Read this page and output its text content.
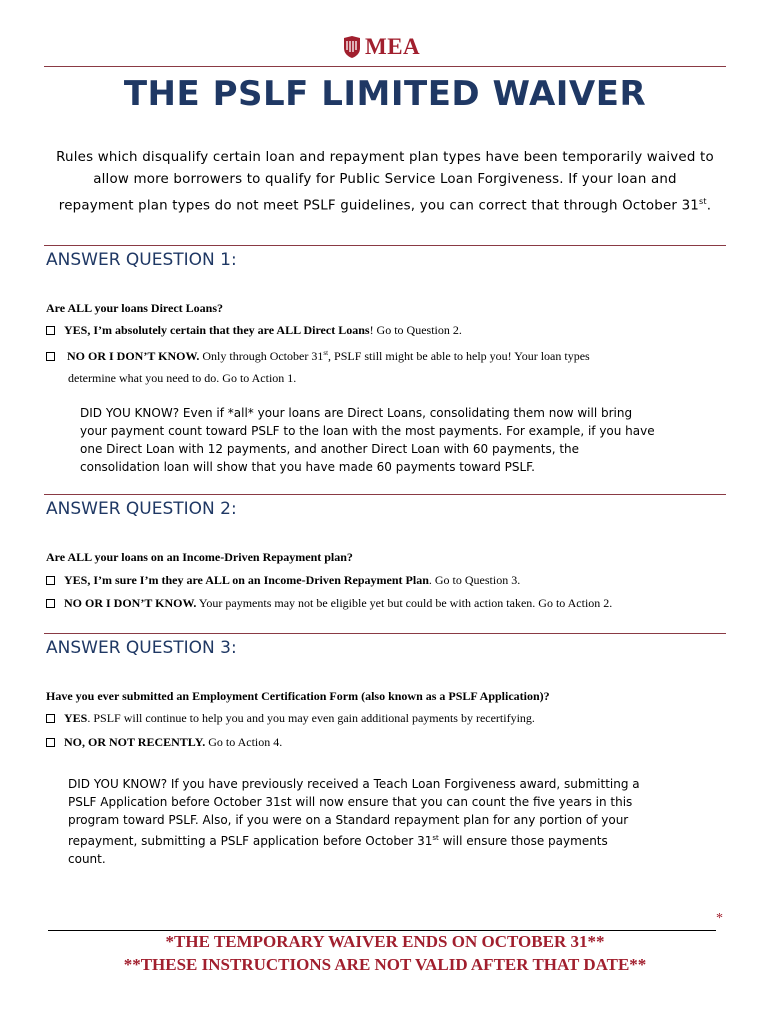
MEA
THE PSLF LIMITED WAIVER
Rules which disqualify certain loan and repayment plan types have been temporarily waived to
allow more borrowers to qualify for Public Service Loan Forgiveness. If your loan and
repayment plan types do not meet PSLF guidelines, you can correct that through October 31st.
ANSWER QUESTION 1:
Are ALL your loans Direct Loans?
YES, I’m absolutely certain that they are ALL Direct Loans! Go to Question 2.
NO OR I DON’T KNOW. Only through October 31st, PSLF still might be able to help you! Your loan types
determine what you need to do. Go to Action 1.
DID YOU KNOW? Even if *all* your loans are Direct Loans, consolidating them now will bring
your payment count toward PSLF to the loan with the most payments. For example, if you have
one Direct Loan with 12 payments, and another Direct Loan with 60 payments, the
consolidation loan will show that you have made 60 payments toward PSLF.
ANSWER QUESTION 2:
Are ALL your loans on an Income-Driven Repayment plan?
YES, I’m sure I’m they are ALL on an Income-Driven Repayment Plan. Go to Question 3.
NO OR I DON’T KNOW. Your payments may not be eligible yet but could be with action taken. Go to Action 2.
ANSWER QUESTION 3:
Have you ever submitted an Employment Certification Form (also known as a PSLF Application)?
YES. PSLF will continue to help you and you may even gain additional payments by recertifying.
NO, OR NOT RECENTLY. Go to Action 4.
DID YOU KNOW? If you have previously received a Teach Loan Forgiveness award, submitting a
PSLF Application before October 31st will now ensure that you can count the five years in this
program toward PSLF. Also, if you were on a Standard repayment plan for any portion of your
repayment, submitting a PSLF application before October 31st will ensure those payments
count.
*
*THE TEMPORARY WAIVER ENDS ON OCTOBER 31**
**THESE INSTRUCTIONS ARE NOT VALID AFTER THAT DATE**
